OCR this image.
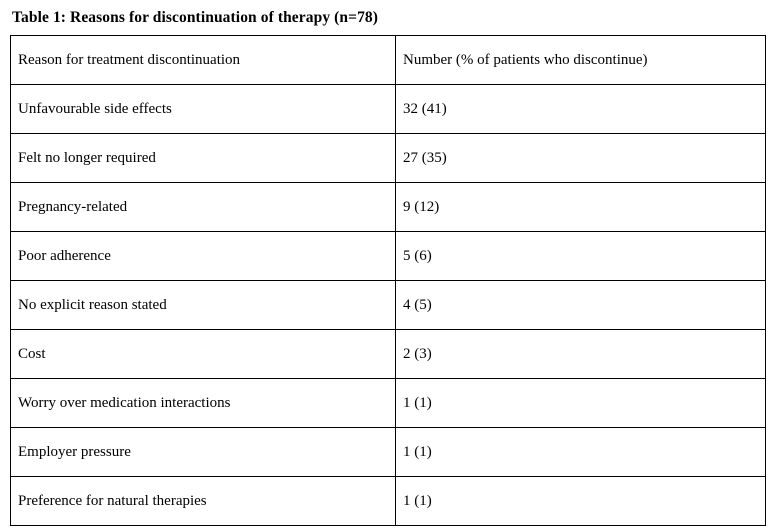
Table 1: Reasons for discontinuation of therapy (n=78)
Reason for treatment discontinuation	Number (% of patients who discontinue)
Unfavourable side effects	32 (41)
Felt no longer required	27 (35)
Pregnancy-related	9 (12)
Poor adherence	5 (6)
No explicit reason stated	4 (5)
Cost	2 (3)
Worry over medication interactions	1 (1)
Employer pressure	1 (1)
Preference for natural therapies	1 (1)
